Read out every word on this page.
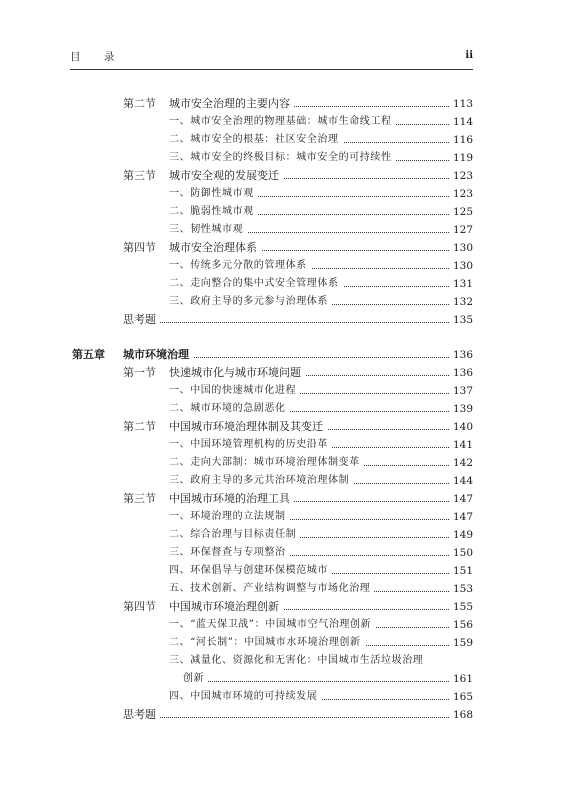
目 录	ii
第二节 城市安全治理的主要内容	113
一、城市安全治理的物理基础：城市生命线工程	114
二、城市安全的根基：社区安全治理	116
三、城市安全的终极目标：城市安全的可持续性	119
第三节 城市安全观的发展变迁	123
一、防御性城市观	123
二、脆弱性城市观	125
三、韧性城市观	127
第四节 城市安全治理体系	130
一、传统多元分散的管理体系	130
二、走向整合的集中式安全管理体系	131
三、政府主导的多元参与治理体系	132
思考题	135
第五章 城市环境治理	136
第一节 快速城市化与城市环境问题	136
一、中国的快速城市化进程	137
二、城市环境的急剧恶化	139
第二节 中国城市环境治理体制及其变迁	140
一、中国环境管理机构的历史沿革	141
二、走向大部制：城市环境治理体制变革	142
三、政府主导的多元共治环境治理体制	144
第三节 中国城市环境的治理工具	147
一、环境治理的立法规制	147
二、综合治理与目标责任制	149
三、环保督查与专项整治	150
四、环保倡导与创建环保模范城市	151
五、技术创新、产业结构调整与市场化治理	153
第四节 中国城市环境治理创新	155
一、“蓝天保卫战”：中国城市空气治理创新	156
二、“河长制”：中国城市水环境治理创新	159
三、减量化、资源化和无害化：中国城市生活垃圾治理
创新	161
四、中国城市环境的可持续发展	165
思考题	168
